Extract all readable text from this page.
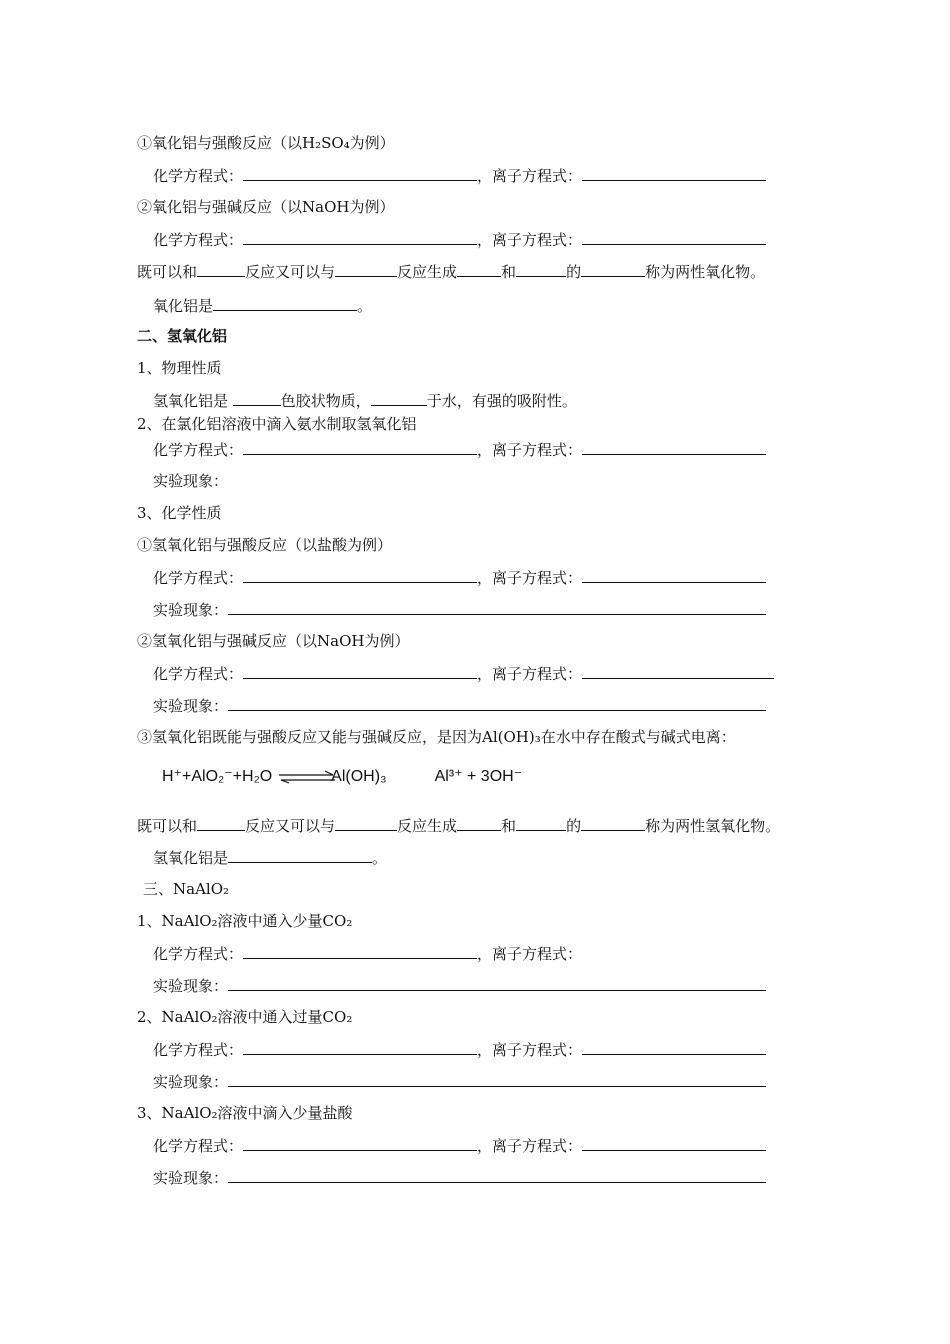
①氧化铝与强酸反应（以H₂SO₄为例）
化学方程式：	，离子方程式：
②氧化铝与强碱反应（以NaOH为例）
化学方程式：	，离子方程式：
既可以和	反应又可以与	反应生成	和	的	称为两性氧化物。
氧化铝是	。
二、氢氧化铝
1、物理性质
氢氧化铝是	色胶状物质，	于水，有强的吸附性。
2、在氯化铝溶液中滴入氨水制取氢氧化铝
化学方程式：	，离子方程式：
实验现象：
3、化学性质
①氢氧化铝与强酸反应（以盐酸为例）
化学方程式：	，离子方程式：
实验现象：
②氢氧化铝与强碱反应（以NaOH为例）
化学方程式：	，离子方程式：
实验现象：
③氢氧化铝既能与强酸反应又能与强碱反应，是因为Al(OH)₃在水中存在酸式与碱式电离：
H⁺+AlO₂⁻+H₂O ⇌ Al(OH)₃	Al³⁺ + 3OH⁻
既可以和	反应又可以与	反应生成	和	的	称为两性氢氧化物。
氢氧化铝是	。
三、NaAlO₂
1、NaAlO₂溶液中通入少量CO₂
化学方程式：	，离子方程式：
实验现象：
2、NaAlO₂溶液中通入过量CO₂
化学方程式：	，离子方程式：
实验现象：
3、NaAlO₂溶液中滴入少量盐酸
化学方程式：	，离子方程式：
实验现象：
